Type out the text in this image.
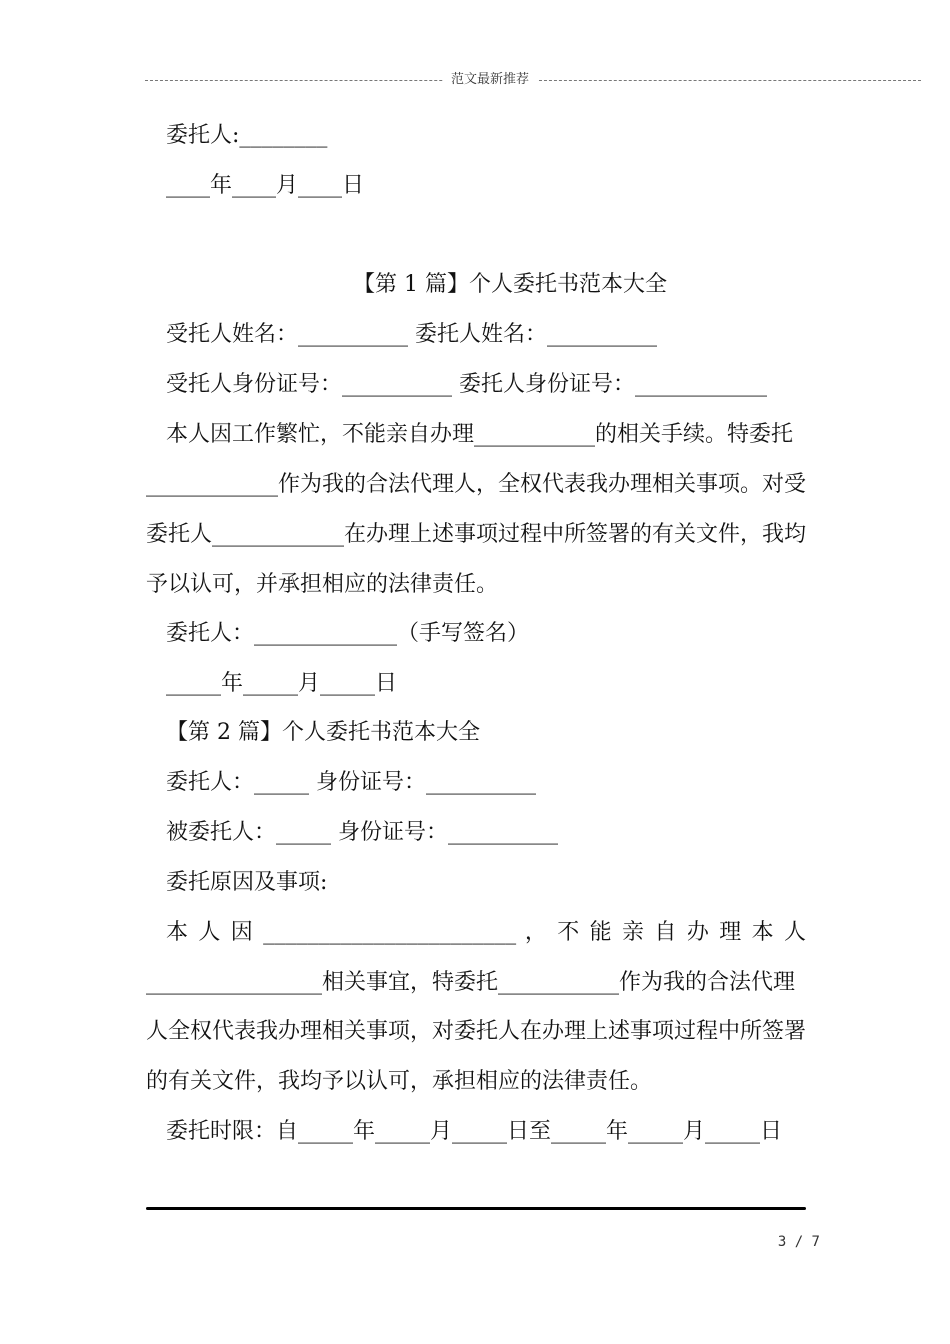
范文最新推荐
委托人:________
____年____月____日
【第 1 篇】个人委托书范本大全
受托人姓名：__________ 委托人姓名：__________
受托人身份证号：__________ 委托人身份证号：____________
本人因工作繁忙，不能亲自办理___________的相关手续。特委托
____________作为我的合法代理人，全权代表我办理相关事项。对受
委托人____________在办理上述事项过程中所签署的有关文件，我均
予以认可，并承担相应的法律责任。
委托人：_____________（手写签名）
_____年_____月_____日
【第 2 篇】个人委托书范本大全
委托人：_____ 身份证号：__________
被委托人：_____ 身份证号：__________
委托原因及事项:
本 人 因 _______________________ ， 不 能 亲 自 办 理 本 人
________________相关事宜，特委托___________作为我的合法代理
人全权代表我办理相关事项，对委托人在办理上述事项过程中所签署
的有关文件，我均予以认可，承担相应的法律责任。
委托时限：自_____年_____月_____日至_____年_____月_____日
3 / 7
